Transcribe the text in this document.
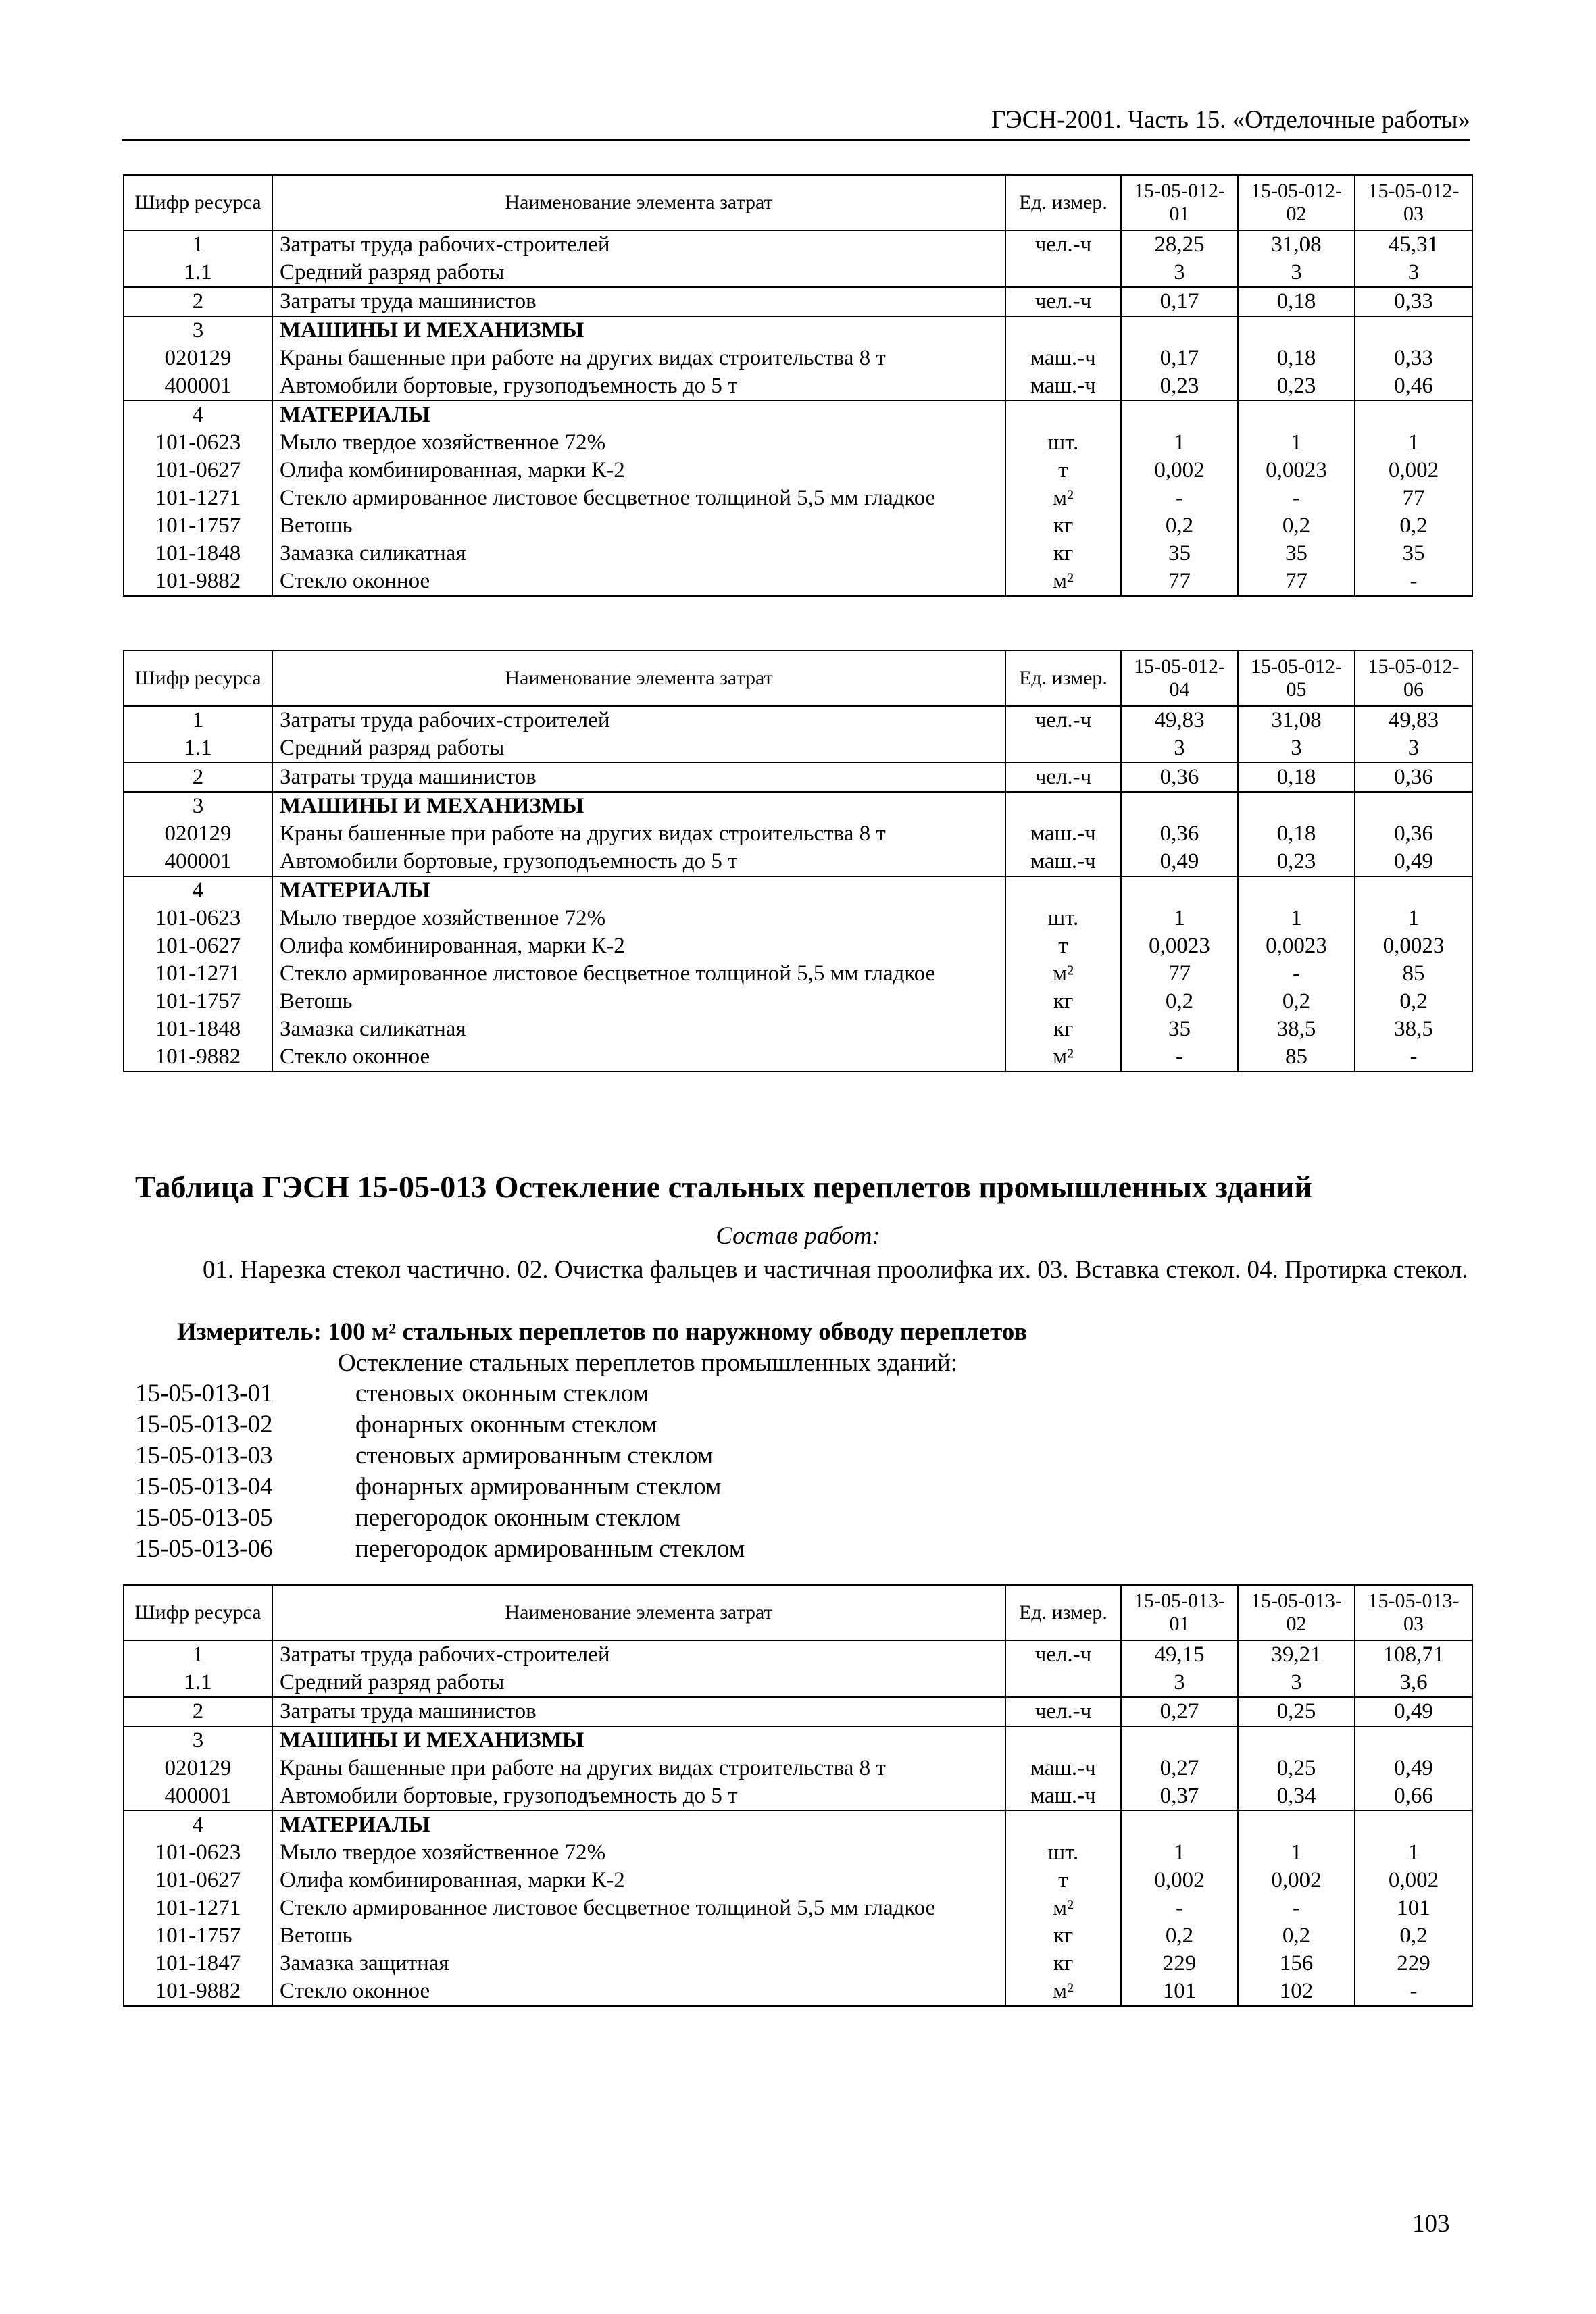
ГЭСН-2001. Часть 15. «Отделочные работы»
Шифр ресурса	Наименование элемента затрат	Ед. измер.	15-05-012-01	15-05-012-02	15-05-012-03
1	Затраты труда рабочих-строителей	чел.-ч	28,25	31,08	45,31
1.1	Средний разряд работы		3	3	3
2	Затраты труда машинистов	чел.-ч	0,17	0,18	0,33
3	МАШИНЫ И МЕХАНИЗМЫ				
020129	Краны башенные при работе на других видах строительства 8 т	маш.-ч	0,17	0,18	0,33
400001	Автомобили бортовые, грузоподъемность до 5 т	маш.-ч	0,23	0,23	0,46
4	МАТЕРИАЛЫ				
101-0623	Мыло твердое хозяйственное 72%	шт.	1	1	1
101-0627	Олифа комбинированная, марки К-2	т	0,002	0,0023	0,002
101-1271	Стекло армированное листовое бесцветное толщиной 5,5 мм гладкое	м²	-	-	77
101-1757	Ветошь	кг	0,2	0,2	0,2
101-1848	Замазка силикатная	кг	35	35	35
101-9882	Стекло оконное	м²	77	77	-
Шифр ресурса	Наименование элемента затрат	Ед. измер.	15-05-012-04	15-05-012-05	15-05-012-06
1	Затраты труда рабочих-строителей	чел.-ч	49,83	31,08	49,83
1.1	Средний разряд работы		3	3	3
2	Затраты труда машинистов	чел.-ч	0,36	0,18	0,36
3	МАШИНЫ И МЕХАНИЗМЫ				
020129	Краны башенные при работе на других видах строительства 8 т	маш.-ч	0,36	0,18	0,36
400001	Автомобили бортовые, грузоподъемность до 5 т	маш.-ч	0,49	0,23	0,49
4	МАТЕРИАЛЫ				
101-0623	Мыло твердое хозяйственное 72%	шт.	1	1	1
101-0627	Олифа комбинированная, марки К-2	т	0,0023	0,0023	0,0023
101-1271	Стекло армированное листовое бесцветное толщиной 5,5 мм гладкое	м²	77	-	85
101-1757	Ветошь	кг	0,2	0,2	0,2
101-1848	Замазка силикатная	кг	35	38,5	38,5
101-9882	Стекло оконное	м²	-	85	-
Таблица ГЭСН 15-05-013 Остекление стальных переплетов промышленных зданий
Состав работ:
01. Нарезка стекол частично. 02. Очистка фальцев и частичная проолифка их. 03. Вставка стекол. 04. Протирка стекол.
Измеритель: 100 м² стальных переплетов по наружному обводу переплетов
Остекление стальных переплетов промышленных зданий:
15-05-013-01	стеновых оконным стеклом
15-05-013-02	фонарных оконным стеклом
15-05-013-03	стеновых армированным стеклом
15-05-013-04	фонарных армированным стеклом
15-05-013-05	перегородок оконным стеклом
15-05-013-06	перегородок армированным стеклом
Шифр ресурса	Наименование элемента затрат	Ед. измер.	15-05-013-01	15-05-013-02	15-05-013-03
1	Затраты труда рабочих-строителей	чел.-ч	49,15	39,21	108,71
1.1	Средний разряд работы		3	3	3,6
2	Затраты труда машинистов	чел.-ч	0,27	0,25	0,49
3	МАШИНЫ И МЕХАНИЗМЫ				
020129	Краны башенные при работе на других видах строительства 8 т	маш.-ч	0,27	0,25	0,49
400001	Автомобили бортовые, грузоподъемность до 5 т	маш.-ч	0,37	0,34	0,66
4	МАТЕРИАЛЫ				
101-0623	Мыло твердое хозяйственное 72%	шт.	1	1	1
101-0627	Олифа комбинированная, марки К-2	т	0,002	0,002	0,002
101-1271	Стекло армированное листовое бесцветное толщиной 5,5 мм гладкое	м²	-	-	101
101-1757	Ветошь	кг	0,2	0,2	0,2
101-1847	Замазка защитная	кг	229	156	229
101-9882	Стекло оконное	м²	101	102	-
103
